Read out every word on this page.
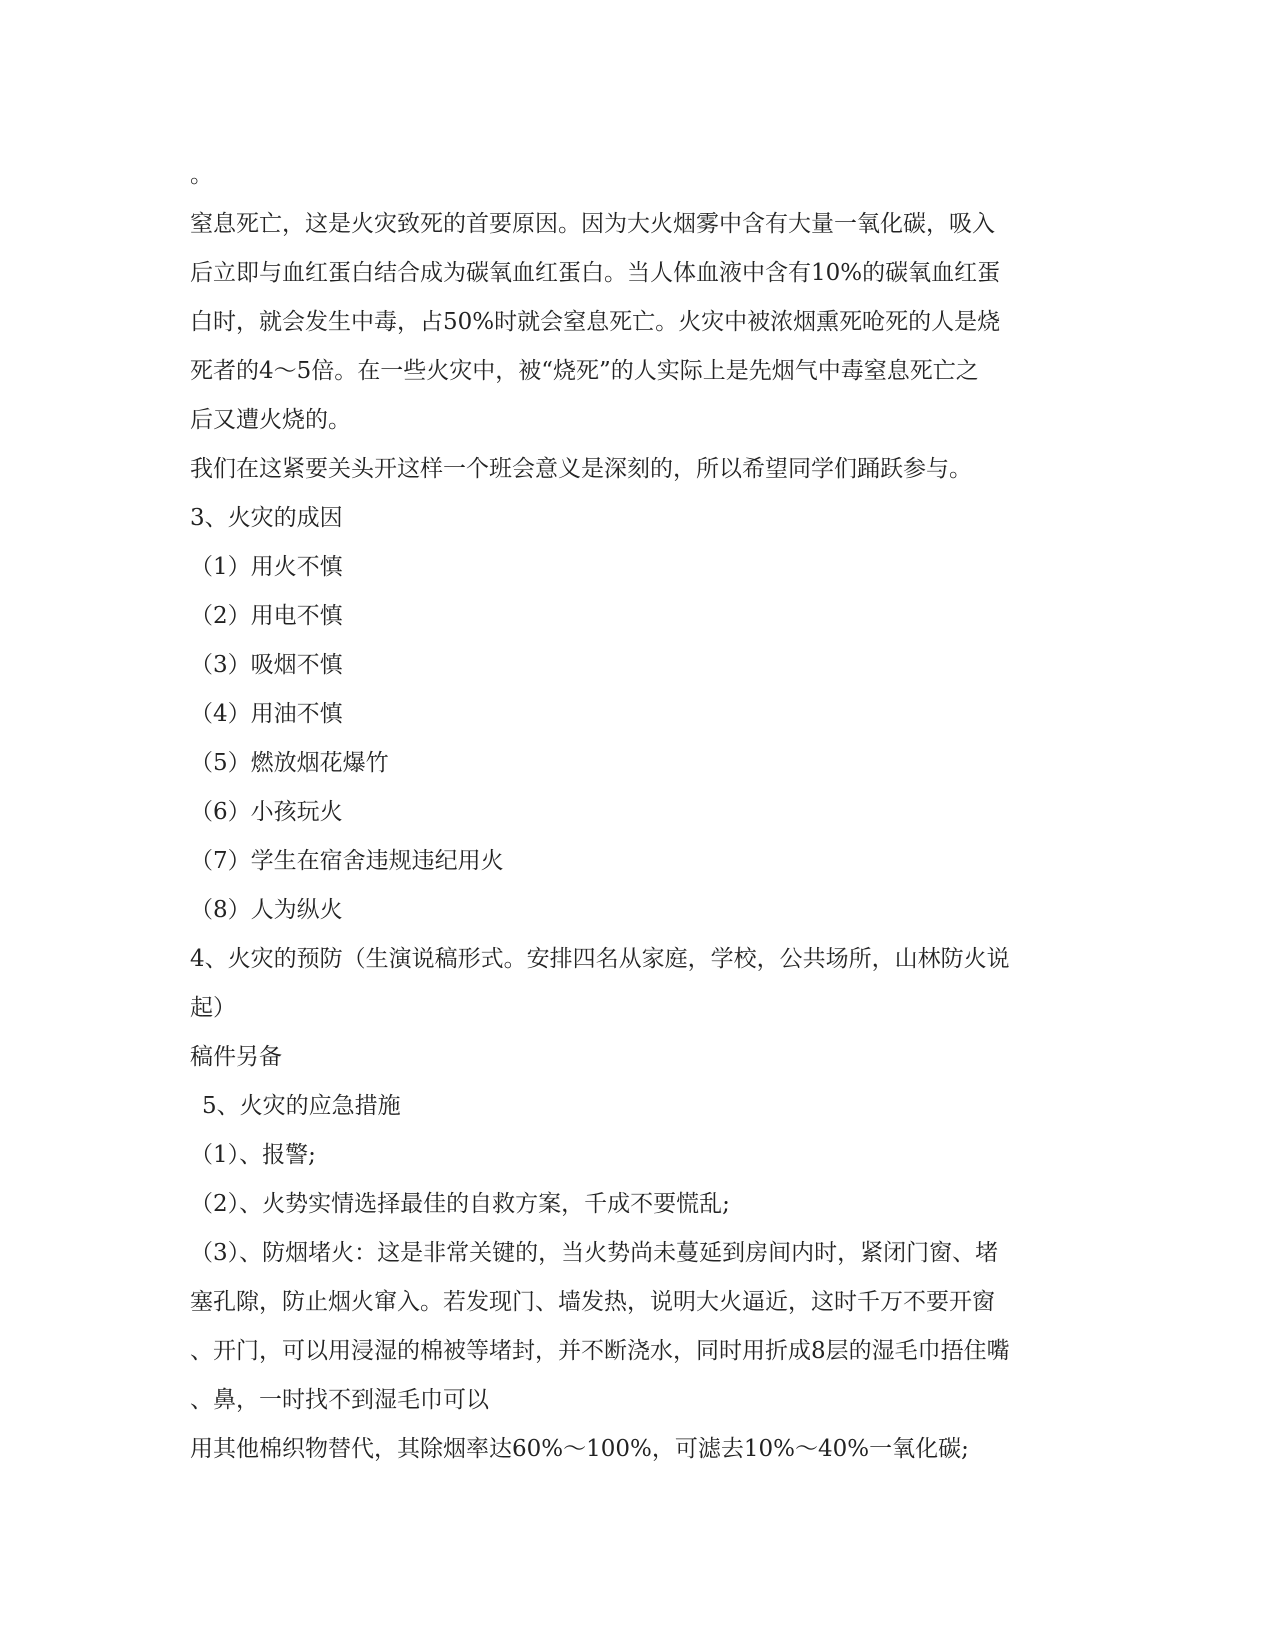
。
窒息死亡，这是火灾致死的首要原因。因为大火烟雾中含有大量一氧化碳，吸入
后立即与血红蛋白结合成为碳氧血红蛋白。当人体血液中含有10%的碳氧血红蛋
白时，就会发生中毒，占50%时就会窒息死亡。火灾中被浓烟熏死呛死的人是烧
死者的4～5倍。在一些火灾中，被“烧死”的人实际上是先烟气中毒窒息死亡之
后又遭火烧的。
我们在这紧要关头开这样一个班会意义是深刻的，所以希望同学们踊跃参与。
3、火灾的成因
（1）用火不慎
（2）用电不慎
（3）吸烟不慎
（4）用油不慎
（5）燃放烟花爆竹
（6）小孩玩火
（7）学生在宿舍违规违纪用火
（8）人为纵火
4、火灾的预防（生演说稿形式。安排四名从家庭，学校，公共场所，山林防火说
起）
稿件另备
5、火灾的应急措施
（1）、报警;
（2）、火势实情选择最佳的自救方案，千成不要慌乱;
（3）、防烟堵火：这是非常关键的，当火势尚未蔓延到房间内时，紧闭门窗、堵
塞孔隙，防止烟火窜入。若发现门、墙发热，说明大火逼近，这时千万不要开窗
、开门，可以用浸湿的棉被等堵封，并不断浇水，同时用折成8层的湿毛巾捂住嘴
、鼻，一时找不到湿毛巾可以
用其他棉织物替代，其除烟率达60%～100%，可滤去10%～40%一氧化碳;
